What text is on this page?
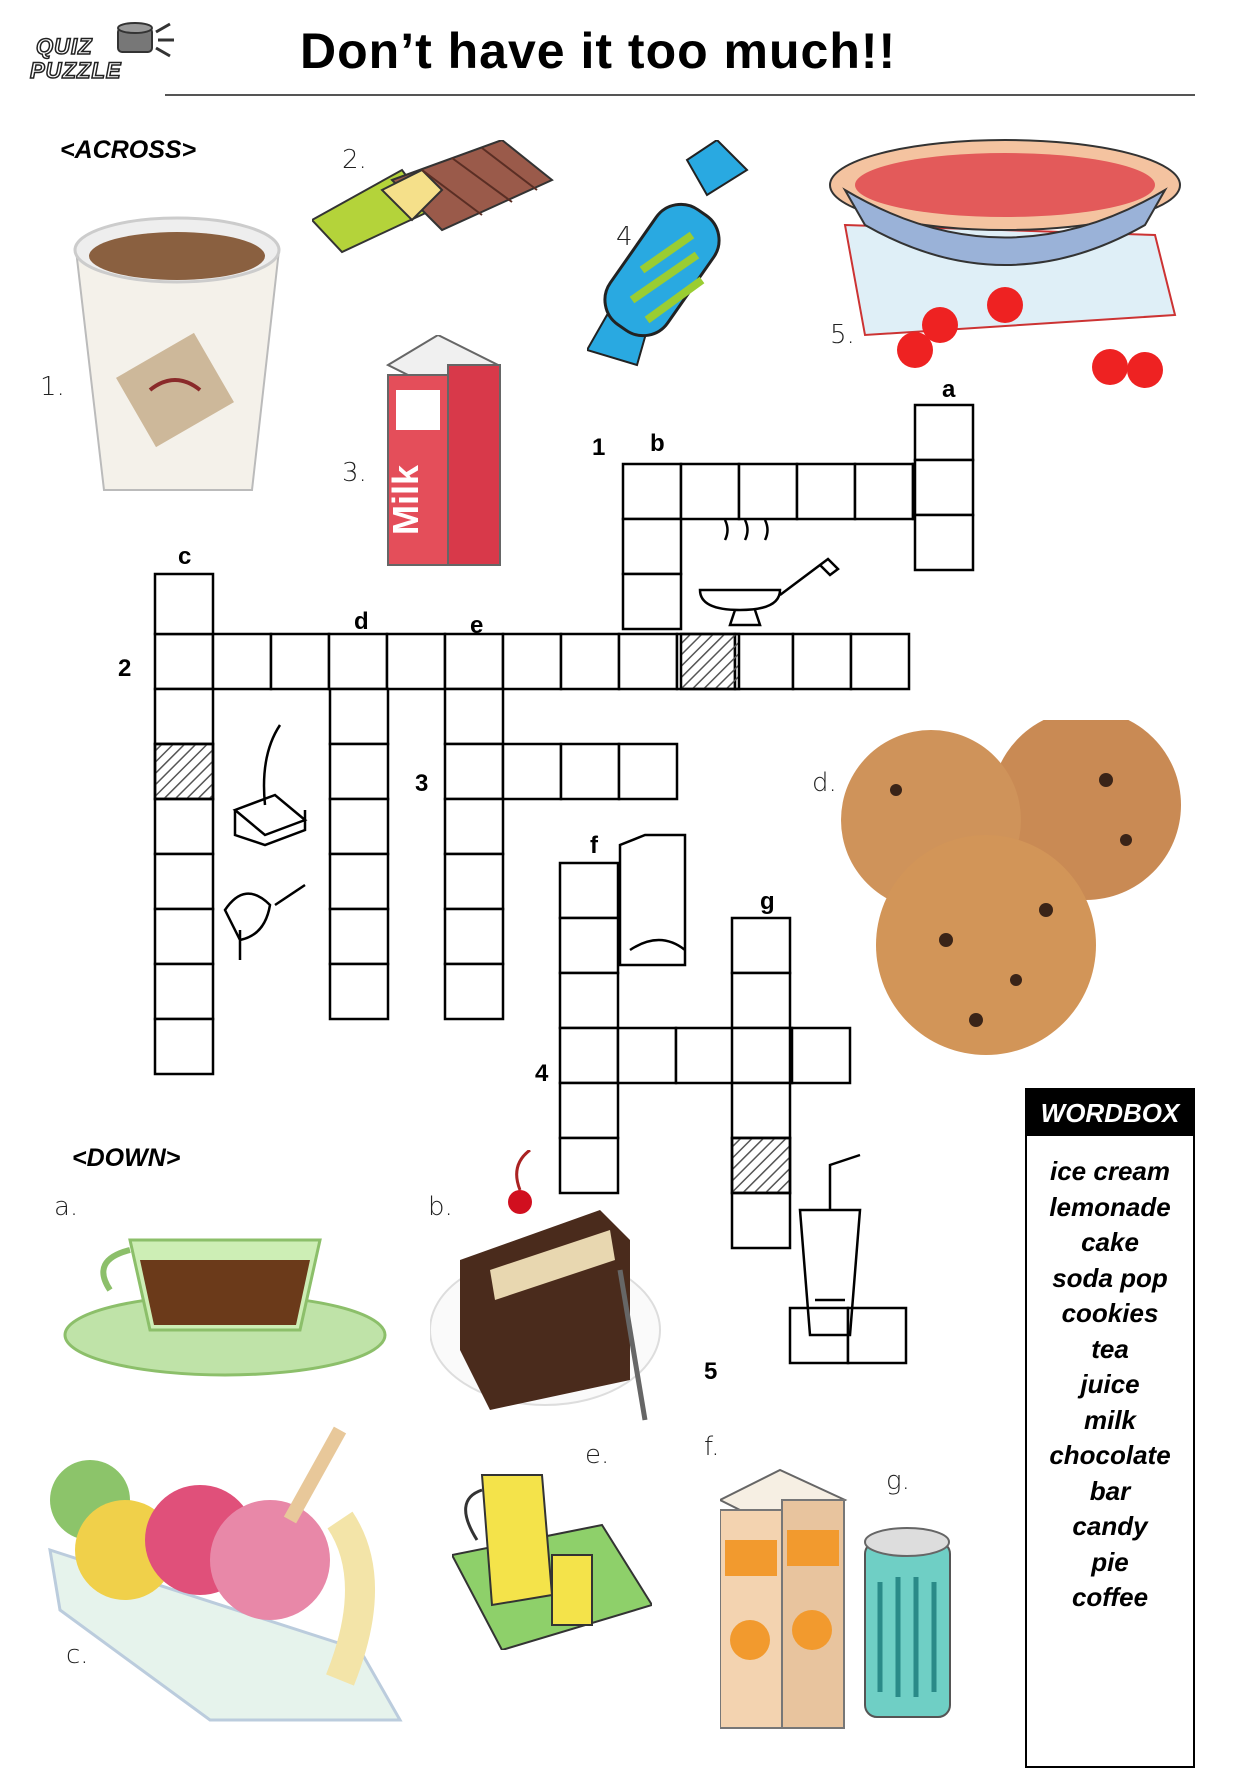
QUIZ
PUZZLE	Don’t have it too much!!
<ACROSS>
<DOWN>
1.
2.
3.
4.
5.
a.	b.
c.
d.
e.	f.
g.
Milk
1
2
3
4
5
a
b
c
d	e
f
g
WORDBOX
ice cream
lemonade
cake
soda pop
cookies
tea
juice
milk
chocolate
bar
candy
pie
coffee
